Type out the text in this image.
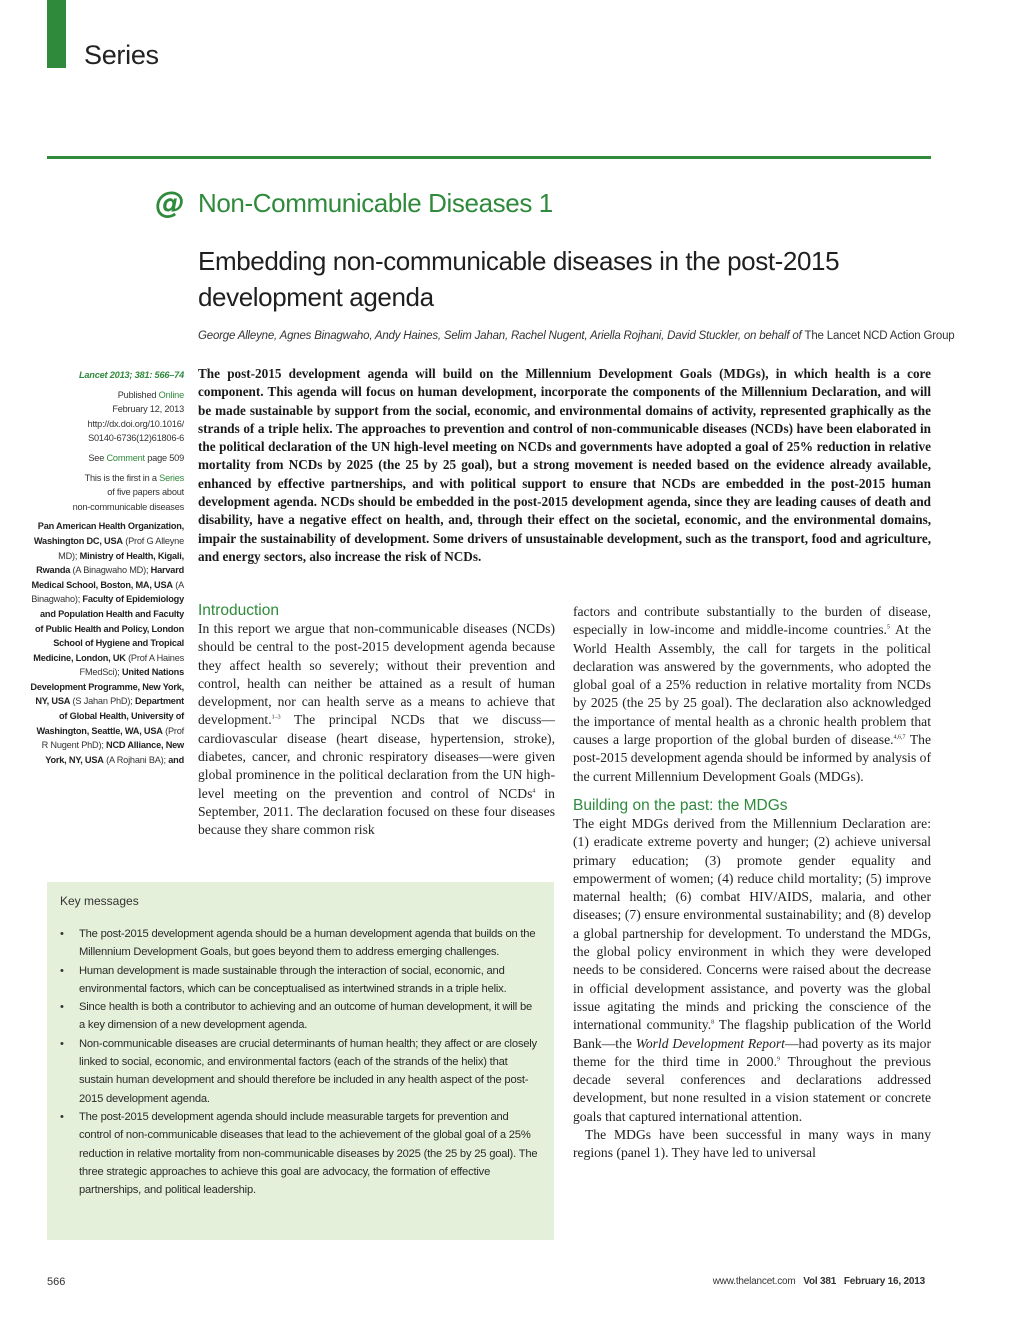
Series
@ Non-Communicable Diseases 1
Embedding non-communicable diseases in the post-2015 development agenda
George Alleyne, Agnes Binagwaho, Andy Haines, Selim Jahan, Rachel Nugent, Ariella Rojhani, David Stuckler, on behalf of The Lancet NCD Action Group

Lancet 2013; 381: 566–74

Published Online
February 12, 2013
http://dx.doi.org/10.1016/
S0140-6736(12)61806-6

See Comment page 509

This is the first in a Series
of five papers about
non-communicable diseases

Pan American Health Organization, Washington DC, USA (Prof G Alleyne MD); Ministry of Health, Kigali, Rwanda (A Binagwaho MD); Harvard Medical School, Boston, MA, USA (A Binagwaho); Faculty of Epidemiology and Population Health and Faculty of Public Health and Policy, London School of Hygiene and Tropical Medicine, London, UK (Prof A Haines FMedSci); United Nations Development Programme, New York, NY, USA (S Jahan PhD); Department of Global Health, University of Washington, Seattle, WA, USA (Prof R Nugent PhD); NCD Alliance, New York, NY, USA (A Rojhani BA); and

The post-2015 development agenda will build on the Millennium Development Goals (MDGs), in which health is a core component. This agenda will focus on human development, incorporate the components of the Millennium Declaration, and will be made sustainable by support from the social, economic, and environmental domains of activity, represented graphically as the strands of a triple helix. The approaches to prevention and control of non-communicable diseases (NCDs) have been elaborated in the political declaration of the UN high-level meeting on NCDs and governments have adopted a goal of 25% reduction in relative mortality from NCDs by 2025 (the 25 by 25 goal), but a strong movement is needed based on the evidence already available, enhanced by effective partnerships, and with political support to ensure that NCDs are embedded in the post-2015 human development agenda. NCDs should be embedded in the post-2015 development agenda, since they are leading causes of death and disability, have a negative effect on health, and, through their effect on the societal, economic, and the environmental domains, impair the sustainability of development. Some drivers of unsustainable development, such as the transport, food and agriculture, and energy sectors, also increase the risk of NCDs.
Introduction

In this report we argue that non-communicable diseases (NCDs) should be central to the post-2015 development agenda because they affect health so severely; without their prevention and control, health can neither be attained as a result of human development, nor can health serve as a means to achieve that development.$^{1-3}$ The principal NCDs that we discuss—cardiovascular disease (heart disease, hypertension, stroke), diabetes, cancer, and chronic respiratory diseases—were given global prominence in the political declaration from the UN high-level meeting on the prevention and control of NCDs$^4$ in September, 2011. The declaration focused on these four diseases because they share common risk

factors and contribute substantially to the burden of disease, especially in low-income and middle-income countries.$^5$ At the World Health Assembly, the call for targets in the political declaration was answered by the governments, who adopted the global goal of a 25% reduction in relative mortality from NCDs by 2025 (the 25 by 25 goal). The declaration also acknowledged the importance of mental health as a chronic health problem that causes a large proportion of the global burden of disease.$^{4,6,7}$ The post-2015 development agenda should be informed by analysis of the current Millennium Development Goals (MDGs).

Building on the past: the MDGs

The eight MDGs derived from the Millennium Declaration are: (1) eradicate extreme poverty and hunger; (2) achieve universal primary education; (3) promote gender equality and empowerment of women; (4) reduce child mortality; (5) improve maternal health; (6) combat HIV/AIDS, malaria, and other diseases; (7) ensure environmental sustainability; and (8) develop a global partnership for development. To understand the MDGs, the global policy environment in which they were developed needs to be considered. Concerns were raised about the decrease in official development assistance, and poverty was the global issue agitating the minds and pricking the conscience of the international community.$^8$ The flagship publication of the World Bank—the World Development Report—had poverty as its major theme for the third time in 2000.$^9$ Throughout the previous decade several conferences and declarations addressed development, but none resulted in a vision statement or concrete goals that captured international attention.

The MDGs have been successful in many ways in many regions (panel 1). They have led to universal

Key messages
• The post-2015 development agenda should be a human development agenda that builds on the Millennium Development Goals, but goes beyond them to address emerging challenges.
• Human development is made sustainable through the interaction of social, economic, and environmental factors, which can be conceptualised as intertwined strands in a triple helix.
• Since health is both a contributor to achieving and an outcome of human development, it will be a key dimension of a new development agenda.
• Non-communicable diseases are crucial determinants of human health; they affect or are closely linked to social, economic, and environmental factors (each of the strands of the helix) that sustain human development and should therefore be included in any health aspect of the post-2015 development agenda.
• The post-2015 development agenda should include measurable targets for prevention and control of non-communicable diseases that lead to the achievement of the global goal of a 25% reduction in relative mortality from non-communicable diseases by 2025 (the 25 by 25 goal). The three strategic approaches to achieve this goal are advocacy, the formation of effective partnerships, and political leadership.
566	www.thelancet.com Vol 381 February 16, 2013
